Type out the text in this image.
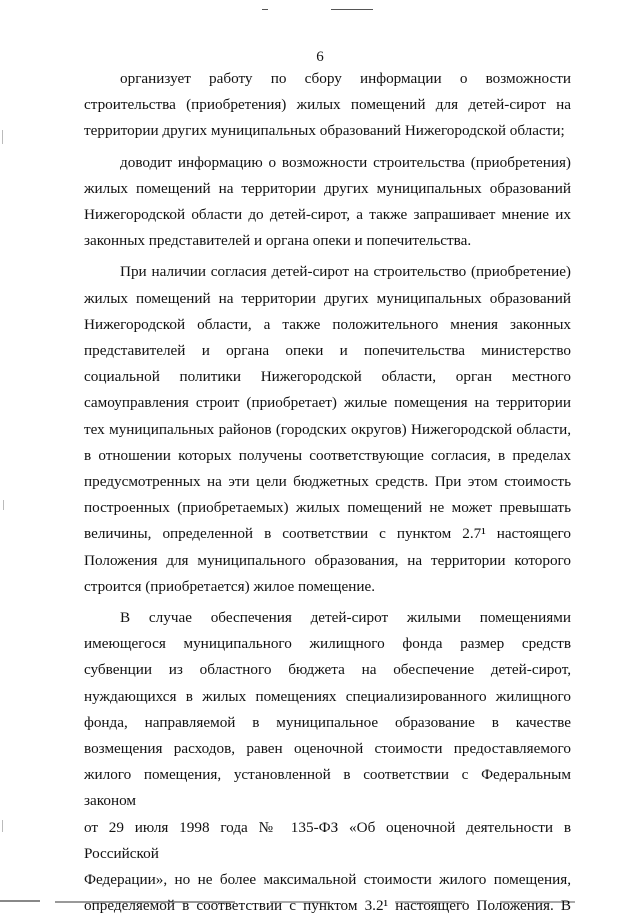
6

организует работу по сбору информации о возможности

строительства (приобретения) жилых помещений для детей-сирот на

территории других муниципальных образований Нижегородской области;

доводит информацию о возможности строительства (приобретения)

жилых помещений на территории других муниципальных образований

Нижегородской области до детей-сирот, а также запрашивает мнение их

законных представителей и органа опеки и попечительства.

При наличии согласия детей-сирот на строительство (приобретение)

жилых помещений на территории других муниципальных образований

Нижегородской области, а также положительного мнения законных

представителей и органа опеки и попечительства министерство

социальной политики Нижегородской области, орган местного

самоуправления строит (приобретает) жилые помещения на территории

тех муниципальных районов (городских округов) Нижегородской области,

в отношении которых получены соответствующие согласия, в пределах

предусмотренных на эти цели бюджетных средств. При этом стоимость

построенных (приобретаемых) жилых помещений не может превышать

величины, определенной в соответствии с пунктом 2.7¹ настоящего

Положения для муниципального образования, на территории которого

строится (приобретается) жилое помещение.

В случае обеспечения детей-сирот жилыми помещениями

имеющегося муниципального жилищного фонда размер средств

субвенции из областного бюджета на обеспечение детей-сирот,

нуждающихся в жилых помещениях специализированного жилищного

фонда, направляемой в муниципальное образование в качестве

возмещения расходов, равен оценочной стоимости предоставляемого

жилого помещения, установленной в соответствии с Федеральным законом

от 29 июля 1998 года № 135-ФЗ «Об оценочной деятельности в Российской

Федерации», но не более максимальной стоимости жилого помещения,

определяемой в соответствии с пунктом 3.2¹ настоящего Положения. В
